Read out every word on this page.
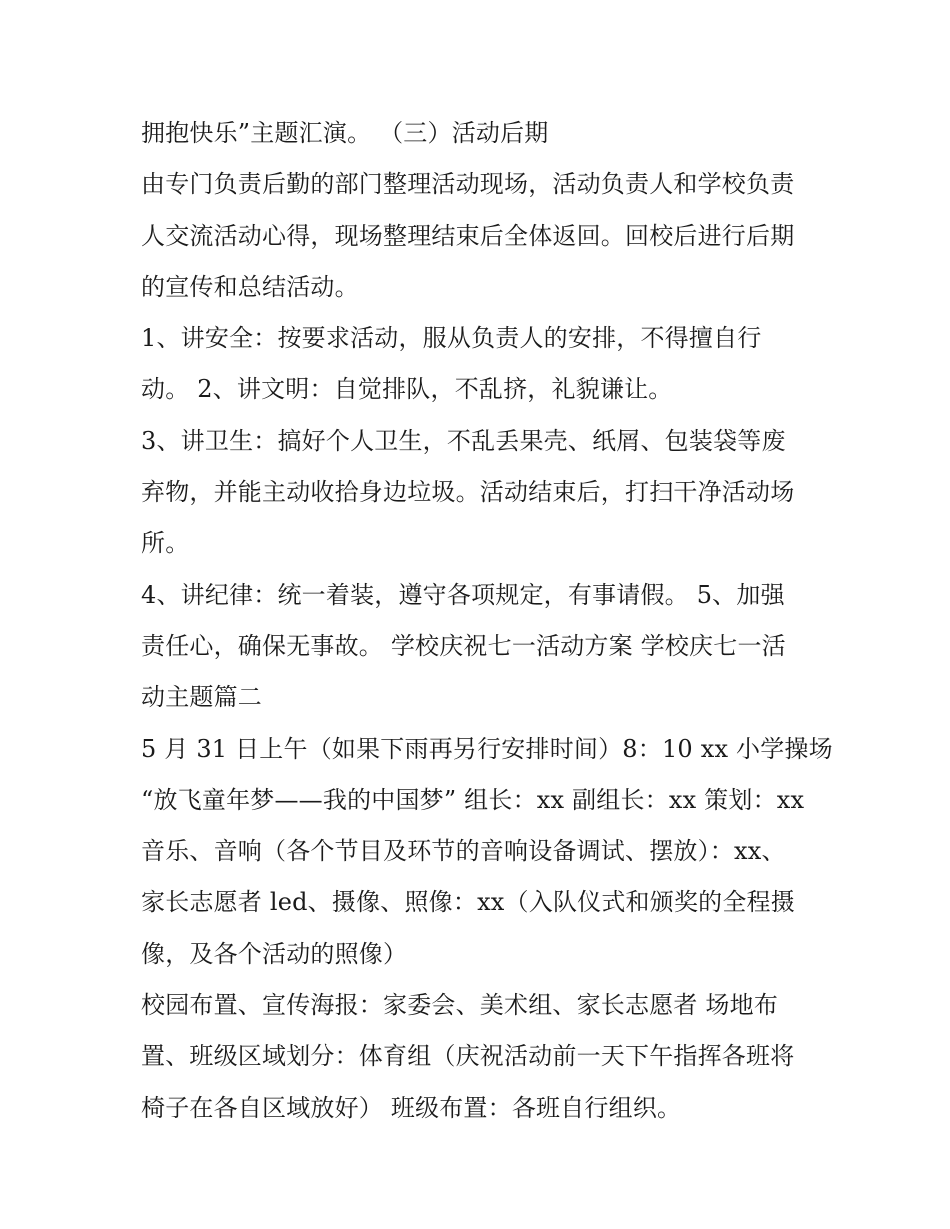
拥抱快乐”主题汇演。 （三）活动后期
由专门负责后勤的部门整理活动现场，活动负责人和学校负责
人交流活动心得，现场整理结束后全体返回。回校后进行后期
的宣传和总结活动。
1、讲安全：按要求活动，服从负责人的安排，不得擅自行
动。 2、讲文明：自觉排队，不乱挤，礼貌谦让。
3、讲卫生：搞好个人卫生，不乱丢果壳、纸屑、包装袋等废
弃物，并能主动收拾身边垃圾。活动结束后，打扫干净活动场
所。
4、讲纪律：统一着装，遵守各项规定，有事请假。 5、加强
责任心，确保无事故。 学校庆祝七一活动方案 学校庆七一活
动主题篇二
5 月 31 日上午（如果下雨再另行安排时间）8：10 xx 小学操场
“放飞童年梦——我的中国梦” 组长：xx 副组长：xx 策划：xx
音乐、音响（各个节目及环节的音响设备调试、摆放）：xx、
家长志愿者 led、摄像、照像：xx（入队仪式和颁奖的全程摄
像，及各个活动的照像）
校园布置、宣传海报：家委会、美术组、家长志愿者 场地布
置、班级区域划分：体育组（庆祝活动前一天下午指挥各班将
椅子在各自区域放好） 班级布置：各班自行组织。
